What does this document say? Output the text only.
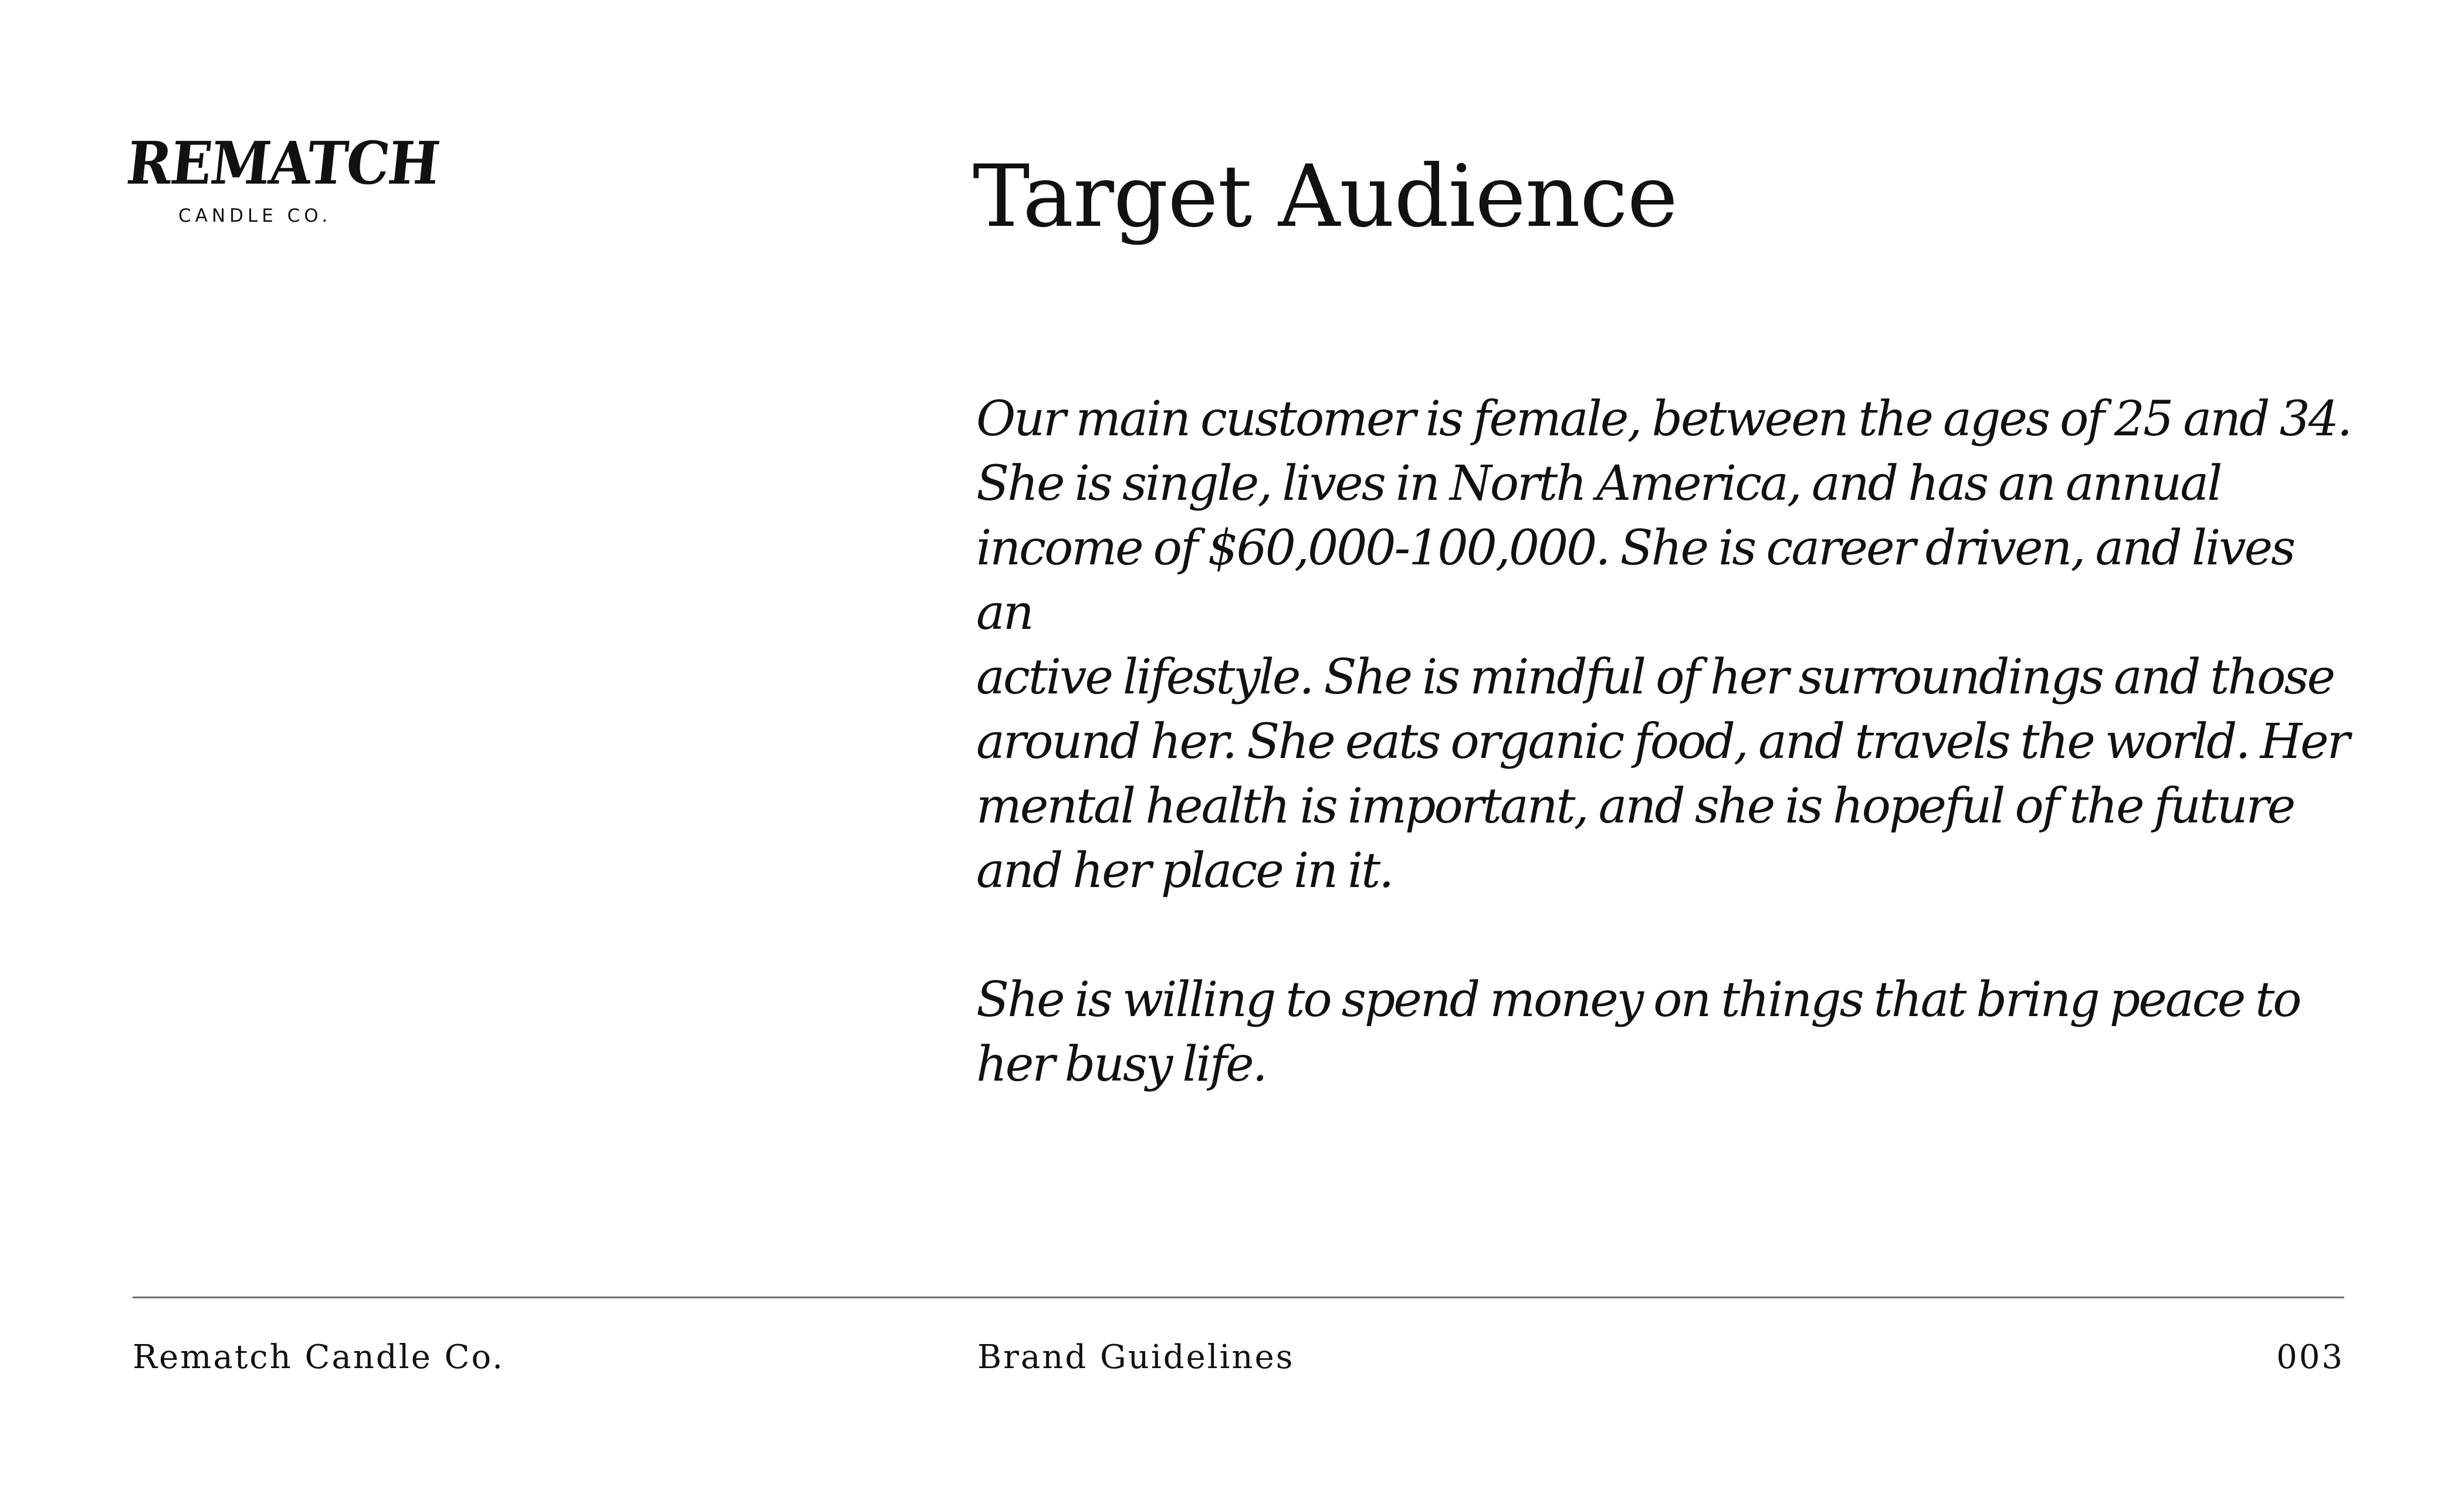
REMATCH
CANDLE CO.	Target Audience

Our main customer is female, between the ages of 25 and 34.
She is single, lives in North America, and has an annual
income of $60,000-100,000. She is career driven, and lives an
active lifestyle. She is mindful of her surroundings and those
around her. She eats organic food, and travels the world. Her
mental health is important, and she is hopeful of the future
and her place in it.

She is willing to spend money on things that bring peace to
her busy life.

Rematch Candle Co.	Brand Guidelines	003
